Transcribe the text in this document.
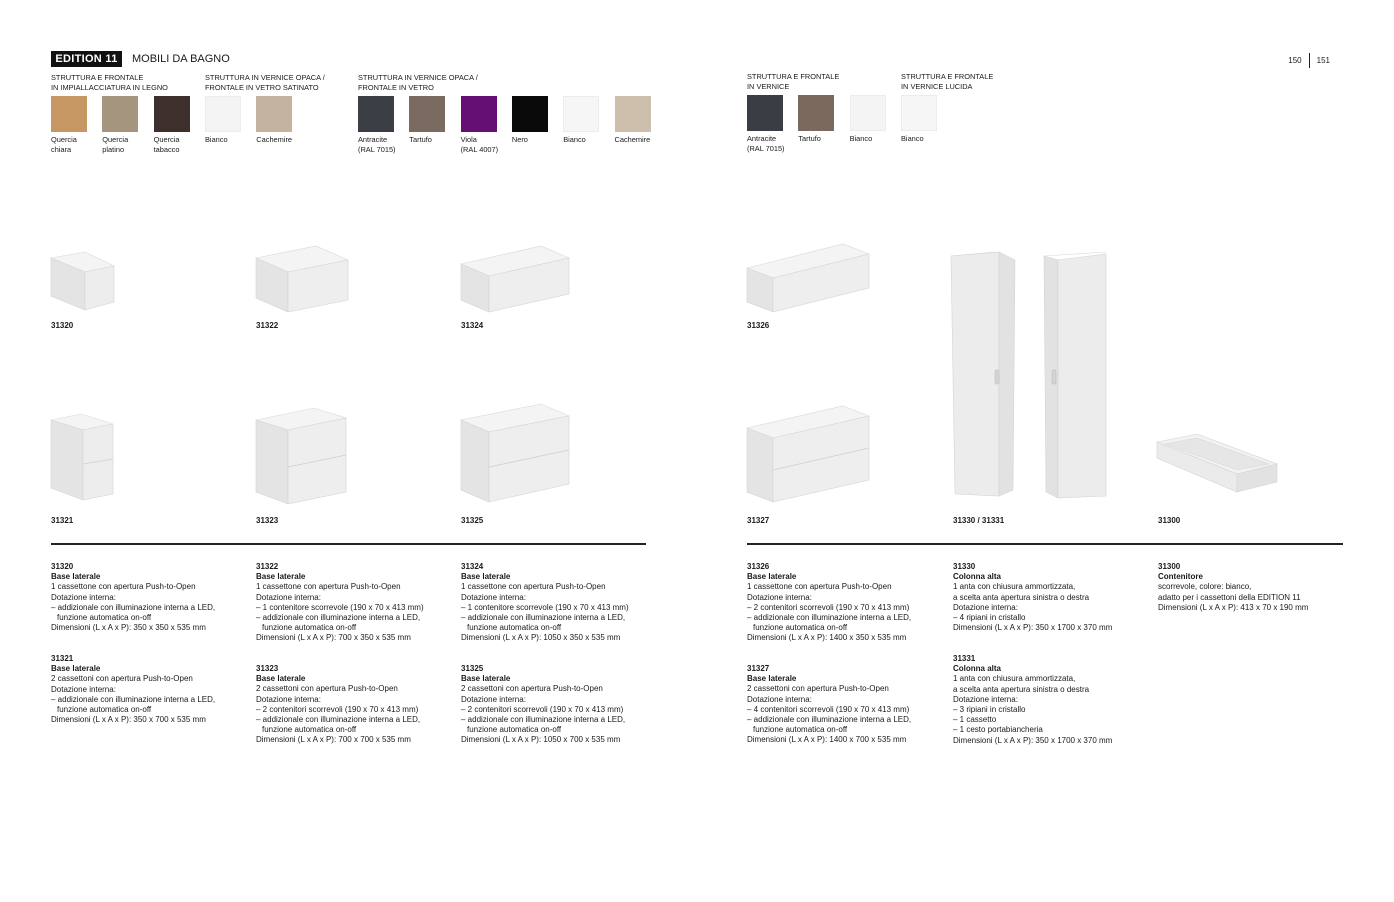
EDITION 11	MOBILI DA BAGNO	150 151
STRUTTURA E FRONTALE
IN IMPIALLACCIATURA IN LEGNO
Quercia
chiara
Quercia
platino
Quercia
tabacco
STRUTTURA IN VERNICE OPACA /
FRONTALE IN VETRO SATINATO
Bianco	Cachemire
STRUTTURA IN VERNICE OPACA /
FRONTALE IN VETRO
Antracite
(RAL 7015)
Tartufo	Viola
(RAL 4007)
Nero	Bianco	Cachemire
STRUTTURA E FRONTALE
IN VERNICE
Antracite
(RAL 7015)
Tartufo	Bianco
STRUTTURA E FRONTALE
IN VERNICE LUCIDA
Bianco
31320	31322	31324	31326
31321	31323	31325	31327	31330 / 31331	31300
31320
Base laterale
1 cassettone con apertura Push-to-Open
Dotazione interna:
– addizionale con illuminazione interna a LED,
funzione automatica on-off
Dimensioni (L x A x P): 350 x 350 x 535 mm
31321
Base laterale
2 cassettoni con apertura Push-to-Open
Dotazione interna:
– addizionale con illuminazione interna a LED,
funzione automatica on-off
Dimensioni (L x A x P): 350 x 700 x 535 mm
31322
Base laterale
1 cassettone con apertura Push-to-Open
Dotazione interna:
– 1 contenitore scorrevole (190 x 70 x 413 mm)
– addizionale con illuminazione interna a LED,
funzione automatica on-off
Dimensioni (L x A x P): 700 x 350 x 535 mm
31323
Base laterale
2 cassettoni con apertura Push-to-Open
Dotazione interna:
– 2 contenitori scorrevoli (190 x 70 x 413 mm)
– addizionale con illuminazione interna a LED,
funzione automatica on-off
Dimensioni (L x A x P): 700 x 700 x 535 mm
31324
Base laterale
1 cassettone con apertura Push-to-Open
Dotazione interna:
– 1 contenitore scorrevole (190 x 70 x 413 mm)
– addizionale con illuminazione interna a LED,
funzione automatica on-off
Dimensioni (L x A x P): 1050 x 350 x 535 mm
31325
Base laterale
2 cassettoni con apertura Push-to-Open
Dotazione interna:
– 2 contenitori scorrevoli (190 x 70 x 413 mm)
– addizionale con illuminazione interna a LED,
funzione automatica on-off
Dimensioni (L x A x P): 1050 x 700 x 535 mm
31326
Base laterale
1 cassettone con apertura Push-to-Open
Dotazione interna:
– 2 contenitori scorrevoli (190 x 70 x 413 mm)
– addizionale con illuminazione interna a LED,
funzione automatica on-off
Dimensioni (L x A x P): 1400 x 350 x 535 mm
31327
Base laterale
2 cassettoni con apertura Push-to-Open
Dotazione interna:
– 4 contenitori scorrevoli (190 x 70 x 413 mm)
– addizionale con illuminazione interna a LED,
funzione automatica on-off
Dimensioni (L x A x P): 1400 x 700 x 535 mm
31330
Colonna alta
1 anta con chiusura ammortizzata,
a scelta anta apertura sinistra o destra
Dotazione interna:
– 4 ripiani in cristallo
Dimensioni (L x A x P): 350 x 1700 x 370 mm
31331
Colonna alta
1 anta con chiusura ammortizzata,
a scelta anta apertura sinistra o destra
Dotazione interna:
– 3 ripiani in cristallo
– 1 cassetto
– 1 cesto portabiancheria
Dimensioni (L x A x P): 350 x 1700 x 370 mm
31300
Contenitore
scorrevole, colore: bianco,
adatto per i cassettoni della EDITION 11
Dimensioni (L x A x P): 413 x 70 x 190 mm
